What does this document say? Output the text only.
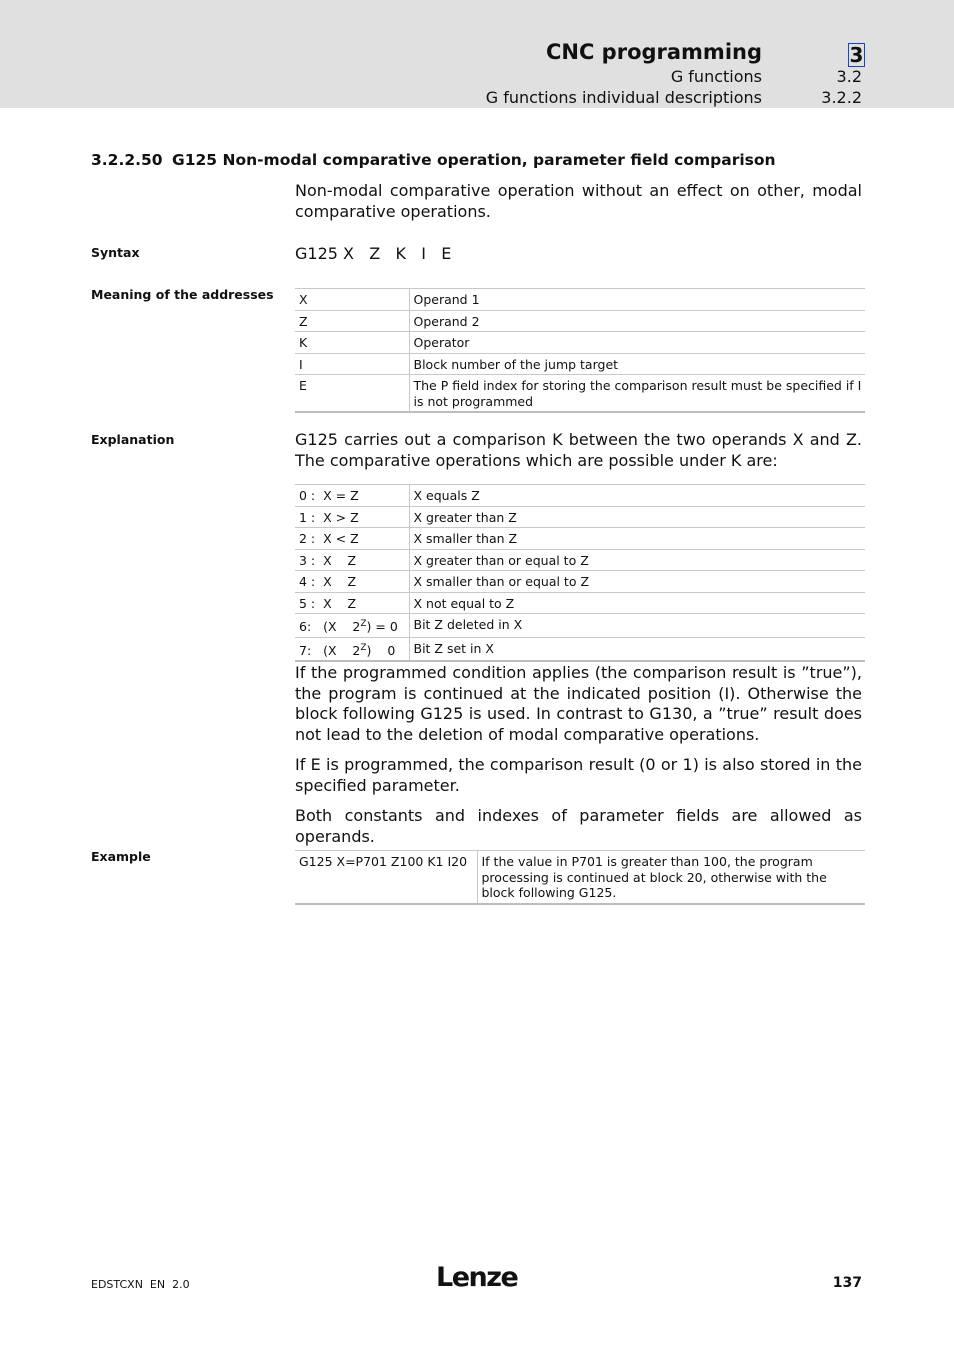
CNC programming	3
G functions	3.2
G functions individual descriptions	3.2.2
3.2.2.50 G125 Non-modal comparative operation, parameter field comparison

Non-modal comparative operation without an effect on other, modal comparative operations.

Syntax	G125 X   Z   K   I   E
Meaning of the addresses X	Operand 1
Z	Operand 2
K	Operator
I	Block number of the jump target
E	The P field index for storing the comparison result must be specified if I is not programmed
Explanation	G125 carries out a comparison K between the two operands X and Z. The comparative operations which are possible under K are:

0 :  X = Z	X equals Z
1 :  X > Z	X greater than Z
2 :  X < Z	X smaller than Z
3 :  X    Z	X greater than or equal to Z
4 :  X    Z	X smaller than or equal to Z
5 :  X    Z	X not equal to Z
6:   (X    $2^Z) = 0$	Bit Z deleted in X
7:   (X    $2^Z$)    0	Bit Z set in X

If the programmed condition applies (the comparison result is ”true”), the program is continued at the indicated position (I). Otherwise the block following G125 is used. In contrast to G130, a ”true” result does not lead to the deletion of modal comparative operations.

If E is programmed, the comparison result (0 or 1) is also stored in the specified parameter.

Both constants and indexes of parameter fields are allowed as operands.

Example	G125 X=P701 Z100 K1 I20	If the value in P701 is greater than 100, the program processing is continued at block 20, otherwise with the block following G125.
EDSTCXN  EN  2.0	Lenze	137
